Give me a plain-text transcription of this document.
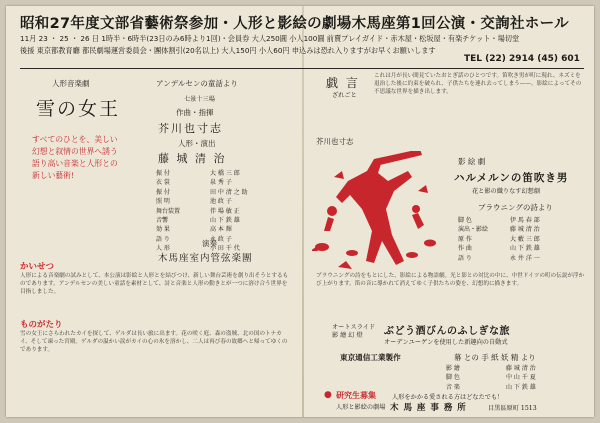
昭和27年度文部省藝術祭参加・人形と影絵の劇場木馬座第1回公演・交詢社ホール
11月 23 ・ 25 ・ 26 日 1時半・6時半(23日のみ6時より1回)・会員券 大人250圓 小人100圓 前賣プレイガイド・赤木屋・松坂屋・有楽チケット・場切堂
後援 東京都教育廳 都民劇場運営委員会・團体割引(20名以上) 大人150円 小人60円 申込みは恐れ入りますがお早くお願いします
TEL (22) 2914 (45) 601
人形音楽劇
雪の女王
すべてのひとを、美しい幻想と叙情の世界へ誘う語り高い音楽と人形との新しい藝術!
アンデルセンの童話より
七景十三場
作曲・指揮
芥川也寸志
人形・演出
藤 城 清 治
振 付	大 橋 三 郎
衣 裳	泉 秀 子
振 付	田 中 清 之 助
照 明	池 政 子
舞台装置	伴 場 敏 正
音響	山 下 鉄 雄
効 果	高 本 輝
語 り	永 政 子
人 形	小 田 千 代
演奏
木馬座室内管弦楽團
かいせつ
人形による音楽劇の試みとして、本公演は影絵と人形とを結びつけ、新しい舞台芸術を創り出そうとするものであります。アンデルセンの美しい童話を素材として、詩と音楽と人形の動きとが一つに溶け合う世界を目指しました。
ものがたり
雪の女王にさらわれたカイを探して、ゲルダは長い旅に出ます。花の咲く庭、森の盗賊、北の国のトナカイ、そして凍った宮殿。ゲルダの温かい涙がカイの心の氷を溶かし、二人は再び春の故郷へと帰ってゆくのであります。
戯 言
ざれごと
芥川也寸志
これは月が長い間見ていたおとぎ話のひとつです。笛吹き男が町に現れ、ネズミを退治した後に約束を破られ、子供たちを連れ去ってしまう——。影絵によってその不思議な世界を描き出します。
影 絵 劇
ハルメルンの笛吹き男
花と影の織りなす幻想劇
ブラウニングの詩より
脚 色	伊 馬 春 部
演出・影絵	藤 城 清 治
原 作	大 藪 三 郎
作 曲	山 下 鉄 雄
語 り	永 井 洋 一
ブラウニングの詩をもとにした、影絵による物語劇。光と影との対比の中に、中世ドイツの町の伝説が浮かび上がります。笛の音に導かれて消えてゆく子供たちの姿を、幻想的に描きます。
オートスライド
影 繪 幻 燈 ぶどう酒びんのふしぎな旅
オーデンユーゲンを使用した新趣向の自動式
東京通信工業製作	幕 との 手 紙 妖 精 より
影 繪	藤 城 清 治
脚 色	中 山 千 夏
音 楽	山 下 鉄 雄
● 研究生募集	人形をかかる愛される方はどなたでも！
人形と影絵の劇場 木 馬 座 事 務 所	目黒區原町 1513
